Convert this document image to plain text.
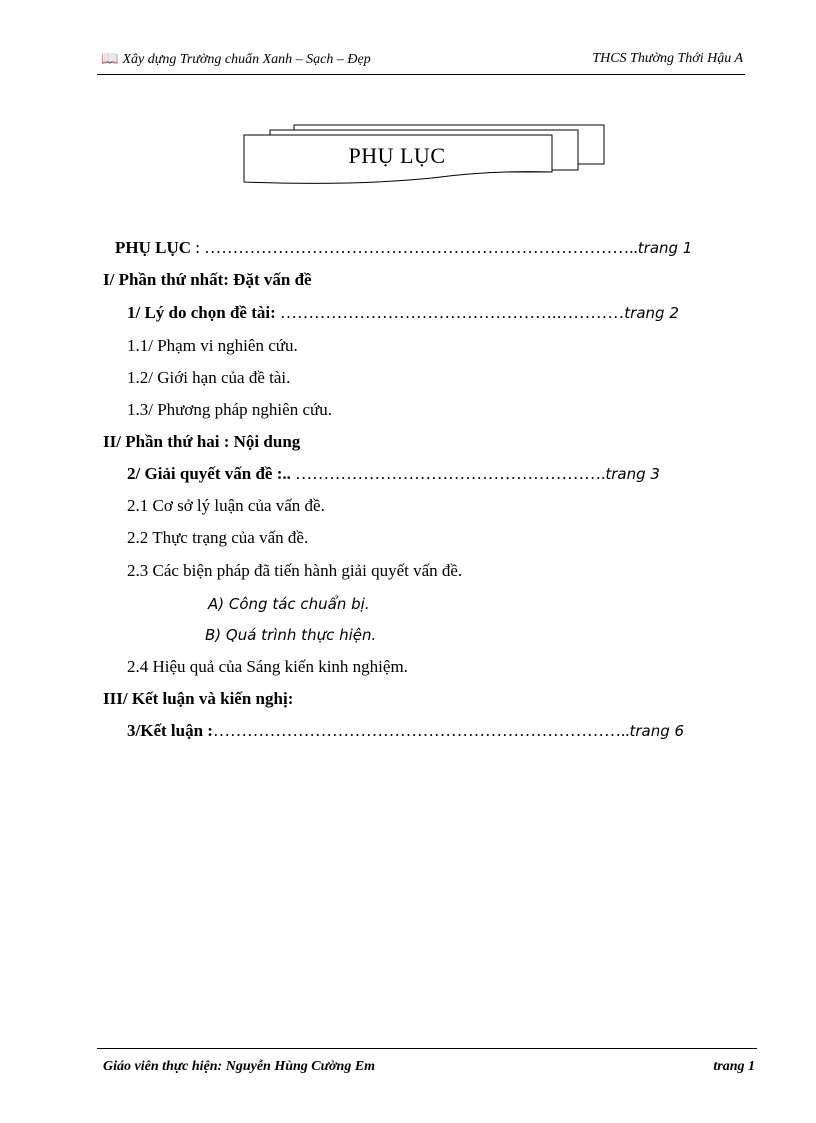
📖 Xây dựng Trường chuẩn Xanh – Sạch – Đẹp	THCS Thường Thới Hậu A
PHỤ LỤC
PHỤ LỤC : …………………………………………………………………..trang 1
I/ Phần thứ nhất: Đặt vấn đề
1/ Lý do chọn đề tài: ………………………………………….…………trang 2
1.1/ Phạm vi nghiên cứu.
1.2/ Giới hạn của đề tài.
1.3/ Phương pháp nghiên cứu.
II/ Phần thứ hai : Nội dung
2/ Giải quyết vấn đề :.. ……………………………………………….trang 3
2.1 Cơ sở lý luận của vấn đề.
2.2 Thực trạng của vấn đề.
2.3 Các biện pháp đã tiến hành giải quyết vấn đề.
A) Công tác chuẩn bị.
B) Quá trình thực hiện.
2.4 Hiệu quả của Sáng kiến kinh nghiệm.
III/ Kết luận và kiến nghị:
3/Kết luận :………………………………………………………………..trang 6
Giáo viên thực hiện: Nguyễn Hùng Cường Em	trang 1
